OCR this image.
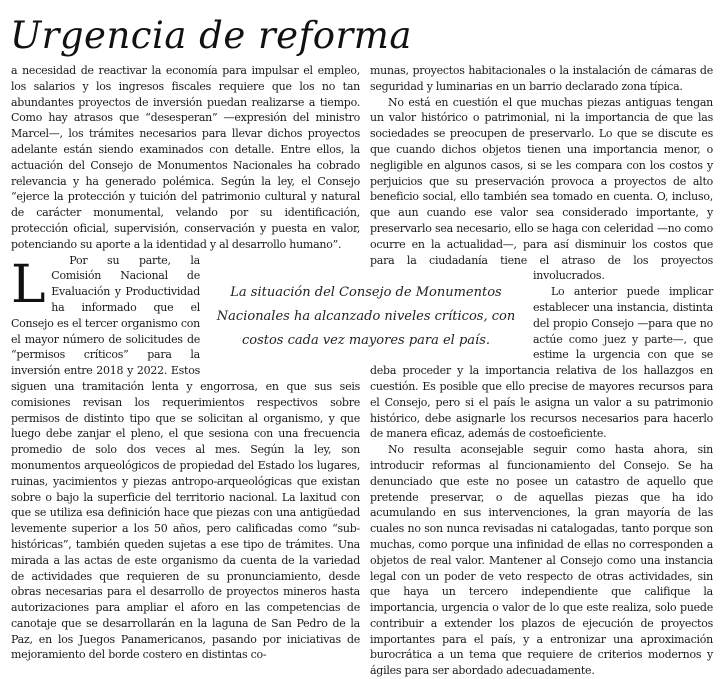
Urgencia de reforma

L
a necesidad de reactivar la economía para impulsar el empleo, los salarios y los ingresos fiscales requiere que los no tan abundantes proyectos de inversión puedan realizarse a tiempo. Como hay atrasos que “desesperan” —expresión del ministro Marcel—, los trámites necesarios para llevar dichos proyectos adelante están siendo examinados con detalle. Entre ellos, la actuación del Consejo de Monumentos Nacionales ha cobrado relevancia y ha generado polémica. Según la ley, el Consejo “ejerce la protección y tuición del patrimonio cultural y natural de carácter monumental, velando por su identificación, protección oficial, supervisión, conservación y puesta en valor, potenciando su aporte a la identidad y al desarrollo humano”.

Por su parte, la Comisión Nacional de Evaluación y Productividad ha informado que el Consejo es el tercer organismo con el mayor número de solicitudes de “permisos críticos” para la inversión entre 2018 y 2022. Estos siguen una tramitación lenta y engorrosa, en que sus seis comisiones revisan los requerimientos respectivos sobre permisos de distinto tipo que se solicitan al organismo, y que luego debe zanjar el pleno, el que sesiona con una frecuencia promedio de solo dos veces al mes. Según la ley, son monumentos arqueológicos de propiedad del Estado los lugares, ruinas, yacimientos y piezas antropo-arqueológicas que existan sobre o bajo la superficie del territorio nacional. La laxitud con que se utiliza esa definición hace que piezas con una antigüedad levemente superior a los 50 años, pero calificadas como “sub-históricas”, también queden sujetas a ese tipo de trámites. Una mirada a las actas de este organismo da cuenta de la variedad de actividades que requieren de su pronunciamiento, desde obras necesarias para el desarrollo de proyectos mineros hasta autorizaciones para ampliar el aforo en las competencias de canotaje que se desarrollarán en la laguna de San Pedro de la Paz, en los Juegos Panamericanos, pasando por iniciativas de mejoramiento del borde costero en distintas co-

munas, proyectos habitacionales o la instalación de cámaras de seguridad y luminarias en un barrio declarado zona típica.

No está en cuestión el que muchas piezas antiguas tengan un valor histórico o patrimonial, ni la importancia de que las sociedades se preocupen de preservarlo. Lo que se discute es que cuando dichos objetos tienen una importancia menor, o negligible en algunos casos, si se les compara con los costos y perjuicios que su preservación provoca a proyectos de alto beneficio social, ello también sea tomado en cuenta. O, incluso, que aun cuando ese valor sea considerado importante, y preservarlo sea necesario, ello se haga con celeridad —no como ocurre en la actualidad—, para así disminuir los costos que para la ciudadanía tiene el atraso de los proyectos involucrados.

Lo anterior puede implicar establecer una instancia, distinta del propio Consejo —para que no actúe como juez y parte—, que estime la urgencia con que se deba proceder y la importancia relativa de los hallazgos en cuestión. Es posible que ello precise de mayores recursos para el Consejo, pero si el país le asigna un valor a su patrimonio histórico, debe asignarle los recursos necesarios para hacerlo de manera eficaz, además de costoeficiente.

No resulta aconsejable seguir como hasta ahora, sin introducir reformas al funcionamiento del Consejo. Se ha denunciado que este no posee un catastro de aquello que pretende preservar, o de aquellas piezas que ha ido acumulando en sus intervenciones, la gran mayoría de las cuales no son nunca revisadas ni catalogadas, tanto porque son muchas, como porque una infinidad de ellas no corresponden a objetos de real valor. Mantener al Consejo como una instancia legal con un poder de veto respecto de otras actividades, sin que haya un tercero independiente que califique la importancia, urgencia o valor de lo que este realiza, solo puede contribuir a extender los plazos de ejecución de proyectos importantes para el país, y a entronizar una aproximación burocrática a un tema que requiere de criterios modernos y ágiles para ser abordado adecuadamente.

La situación del Consejo de Monumentos Nacionales ha alcanzado niveles críticos, con costos cada vez mayores para el país.
